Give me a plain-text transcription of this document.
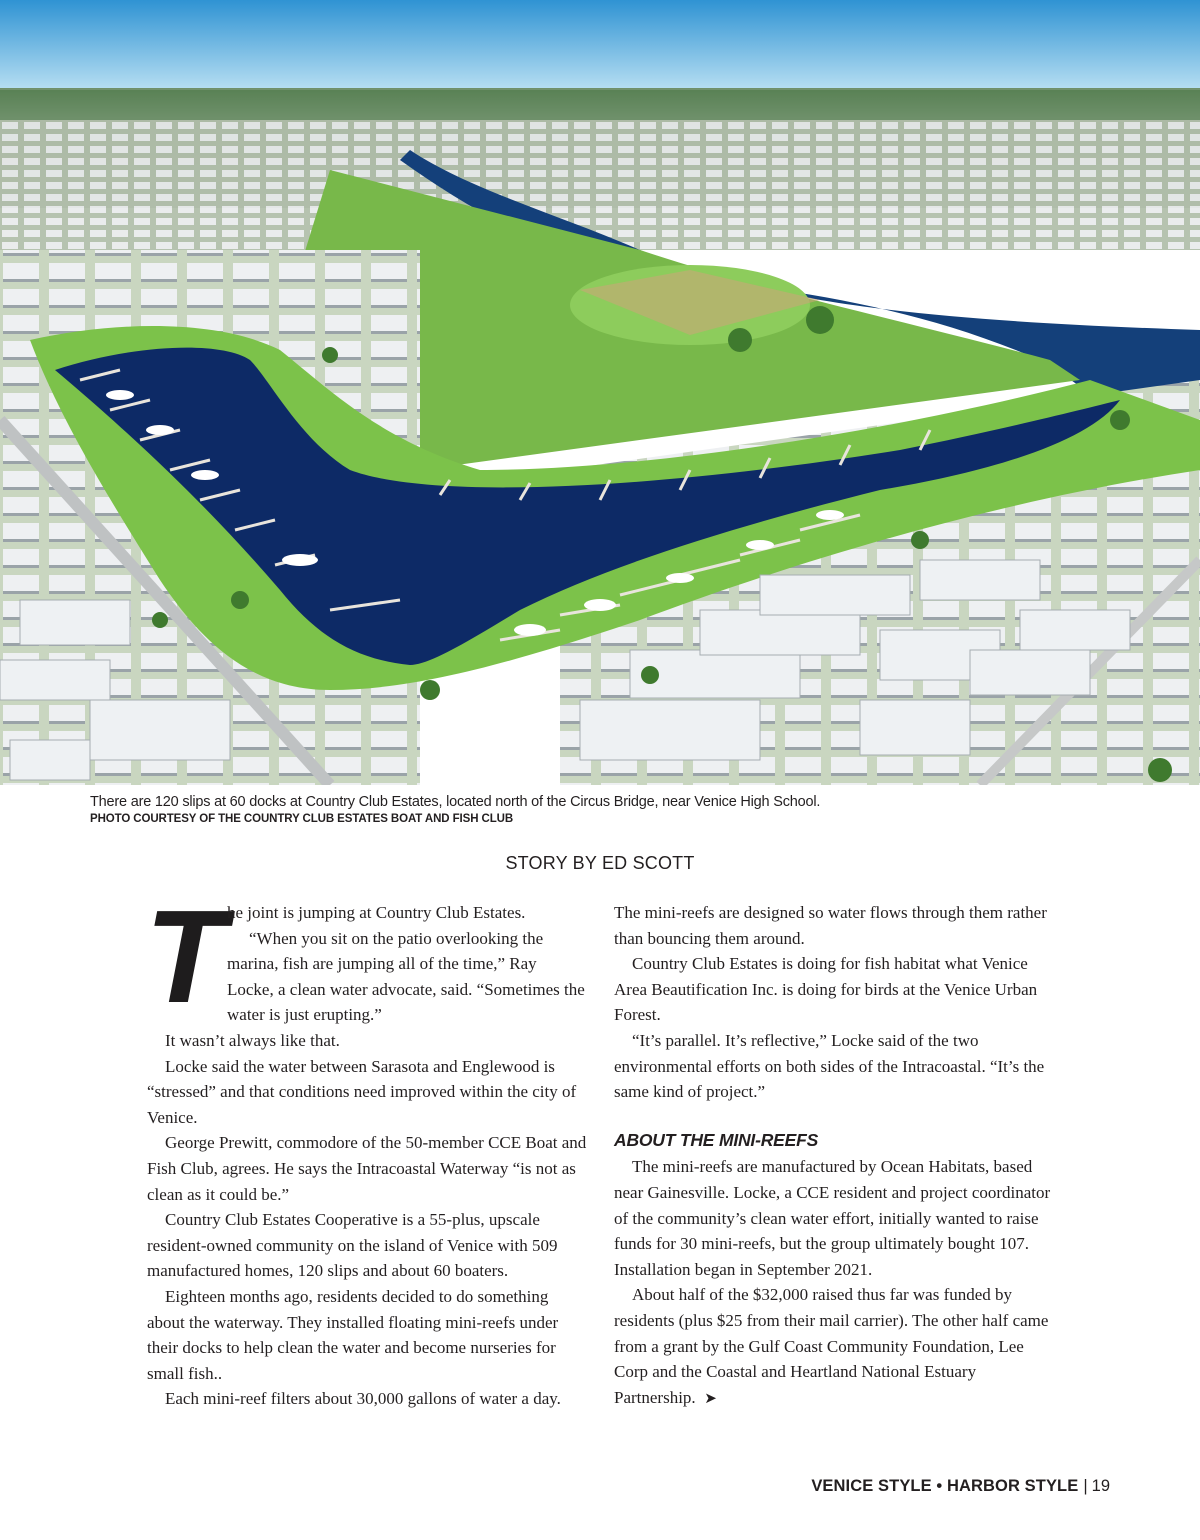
There are 120 slips at 60 docks at Country Club Estates, located north of the Circus Bridge, near Venice High School.
PHOTO COURTESY OF THE COUNTRY CLUB ESTATES BOAT AND FISH CLUB
STORY BY ED SCOTT
T he joint is jumping at Country Club Estates.

“When you sit on the patio overlooking the marina, fish are jumping all of the time,” Ray Locke, a clean water advocate, said. “Sometimes the water is just erupting.”

It wasn’t always like that.

Locke said the water between Sarasota and Englewood is “stressed” and that conditions need improved within the city of Venice.

George Prewitt, commodore of the 50-member CCE Boat and Fish Club, agrees. He says the Intracoastal Waterway “is not as clean as it could be.”

Country Club Estates Cooperative is a 55-plus, upscale resident-owned community on the island of Venice with 509 manufactured homes, 120 slips and about 60 boaters.

Eighteen months ago, residents decided to do something about the waterway. They installed floating mini-reefs under their docks to help clean the water and become nurseries for small fish..

Each mini-reef filters about 30,000 gallons of water a day.

The mini-reefs are designed so water flows through them rather than bouncing them around.

Country Club Estates is doing for fish habitat what Venice Area Beautification Inc. is doing for birds at the Venice Urban Forest.

“It’s parallel. It’s reflective,” Locke said of the two environmental efforts on both sides of the Intracoastal. “It’s the same kind of project.”

ABOUT THE MINI-REEFS

The mini-reefs are manufactured by Ocean Habitats, based near Gainesville. Locke, a CCE resident and project coordinator of the community’s clean water effort, initially wanted to raise funds for 30 mini-reefs, but the group ultimately bought 107. Installation began in September 2021.

About half of the $32,000 raised thus far was funded by residents (plus $25 from their mail carrier). The other half came from a grant by the Gulf Coast Community Foundation, Lee Corp and the Coastal and Heartland National Estuary Partnership. ➤

VENICE STYLE • HARBOR STYLE | 19
